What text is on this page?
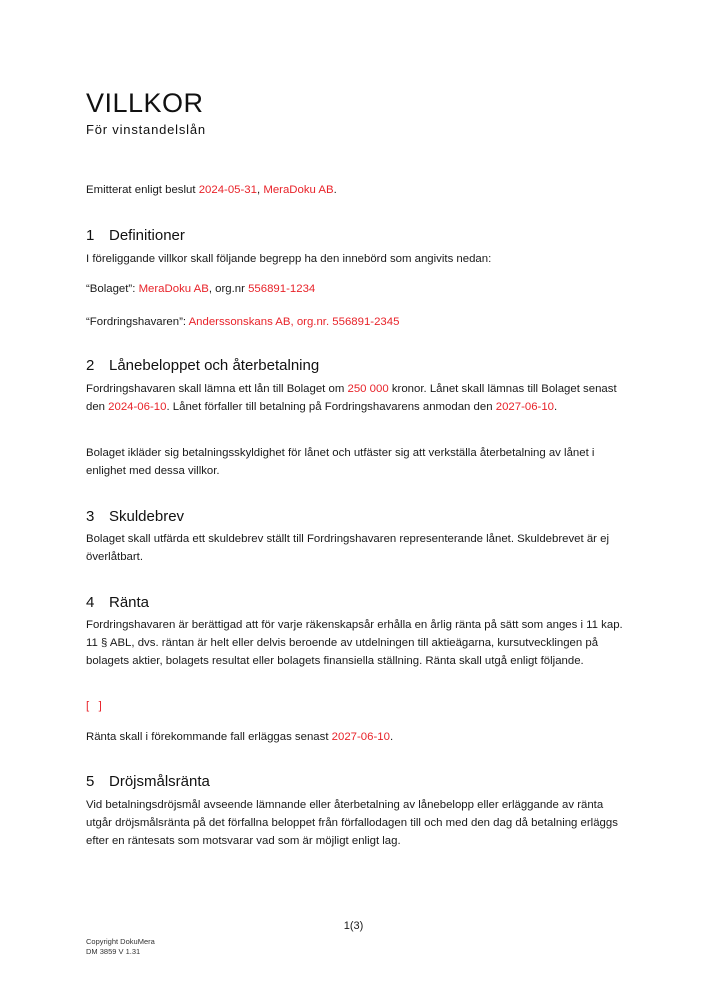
VILLKOR
För vinstandelslån

Emitterat enligt beslut 2024-05-31, MeraDoku AB.

1 Definitioner

I föreliggande villkor skall följande begrepp ha den innebörd som angivits nedan:

“Bolaget”: MeraDoku AB, org.nr 556891-1234

“Fordringshavaren”: Anderssonskans AB, org.nr. 556891-2345

2 Lånebeloppet och återbetalning

Fordringshavaren skall lämna ett lån till Bolaget om 250 000 kronor. Lånet skall lämnas till Bolaget senast den 2024-06-10. Lånet förfaller till betalning på Fordringshavarens anmodan den 2027-06-10.

Bolaget ikläder sig betalningsskyldighet för lånet och utfäster sig att verkställa återbetalning av lånet i enlighet med dessa villkor.

3 Skuldebrev

Bolaget skall utfärda ett skuldebrev ställt till Fordringshavaren representerande lånet. Skuldebrevet är ej överlåtbart.

4 Ränta

Fordringshavaren är berättigad att för varje räkenskapsår erhålla en årlig ränta på sätt som anges i 11 kap. 11 § ABL, dvs. räntan är helt eller delvis beroende av utdelningen till aktieägarna, kursutvecklingen på bolagets aktier, bolagets resultat eller bolagets finansiella ställning. Ränta skall utgå enligt följande.

[   ]

Ränta skall i förekommande fall erläggas senast 2027-06-10.

5 Dröjsmålsränta

Vid betalningsdröjsmål avseende lämnande eller återbetalning av lånebelopp eller erläggande av ränta utgår dröjsmålsränta på det förfallna beloppet från förfallodagen till och med den dag då betalning erläggs efter en räntesats som motsvarar vad som är möjligt enligt lag.

1(3)

Copyright DokuMera

DM 3859 V 1.31
